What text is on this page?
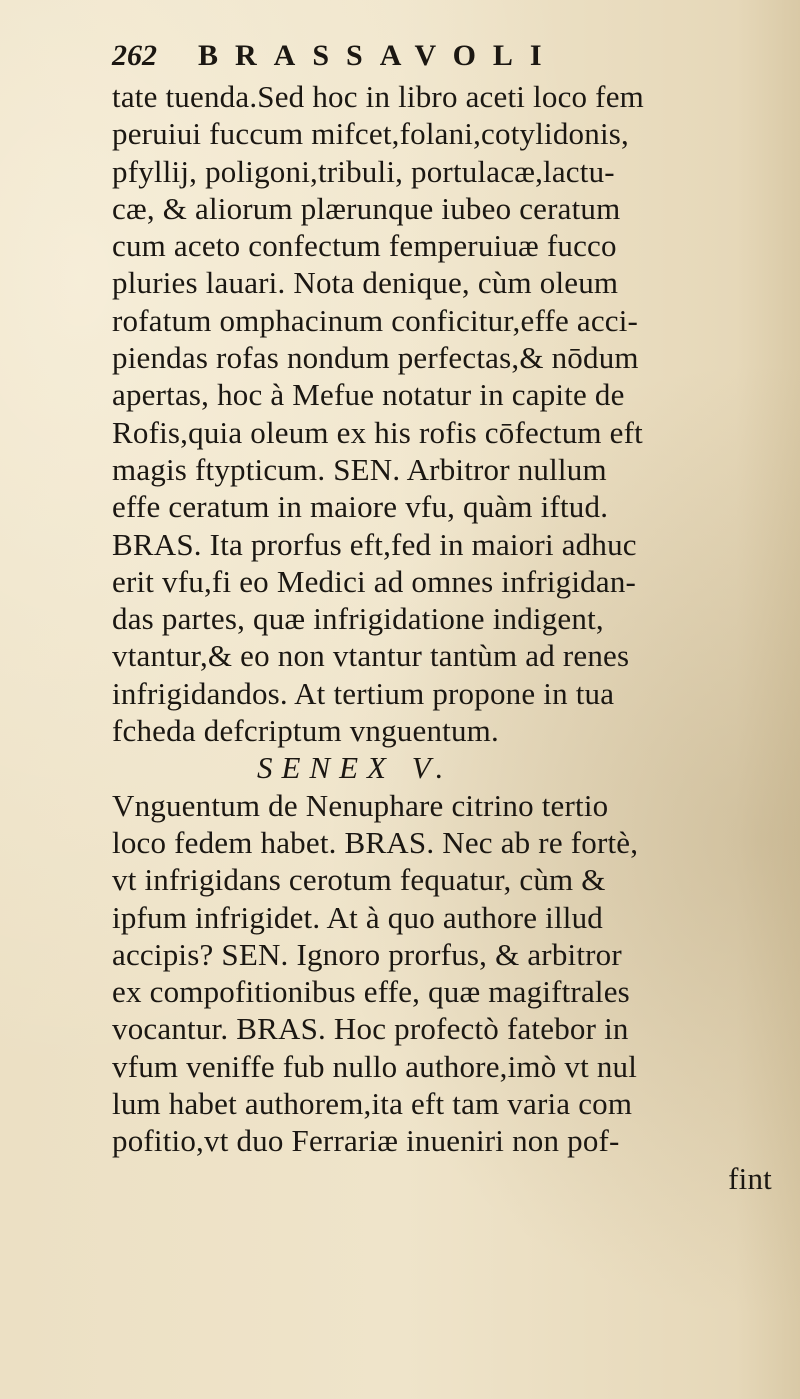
262 BRASSAVOLI
tate tuenda.Sed hoc in libro aceti loco fem
peruiui fuccum mifcet,folani,cotylidonis,
pfyllij, poligoni,tribuli, portulacæ,lactu-
cæ, & aliorum plærunque iubeo ceratum
cum aceto confectum femperuiuæ fucco
pluries lauari. Nota denique, cùm oleum
rofatum omphacinum conficitur,effe acci-
piendas rofas nondum perfectas,& nōdum
apertas, hoc à Mefue notatur in capite de
Rofis,quia oleum ex his rofis cōfectum eft
magis ftypticum. SEN. Arbitror nullum
effe ceratum in maiore vfu, quàm iftud.
BRAS. Ita prorfus eft,fed in maiori adhuc
erit vfu,fi eo Medici ad omnes infrigidan-
das partes, quæ infrigidatione indigent,
vtantur,& eo non vtantur tantùm ad renes
infrigidandos. At tertium propone in tua
fcheda defcriptum vnguentum.
SENEX V.
Vnguentum de Nenuphare citrino tertio
loco fedem habet. BRAS. Nec ab re fortè,
vt infrigidans cerotum fequatur, cùm &
ipfum infrigidet. At à quo authore illud
accipis? SEN. Ignoro prorfus, & arbitror
ex compofitionibus effe, quæ magiftrales
vocantur. BRAS. Hoc profectò fatebor in
vfum veniffe fub nullo authore,imò vt nul
lum habet authorem,ita eft tam varia com
pofitio,vt duo Ferrariæ inueniri non pof-
fint
